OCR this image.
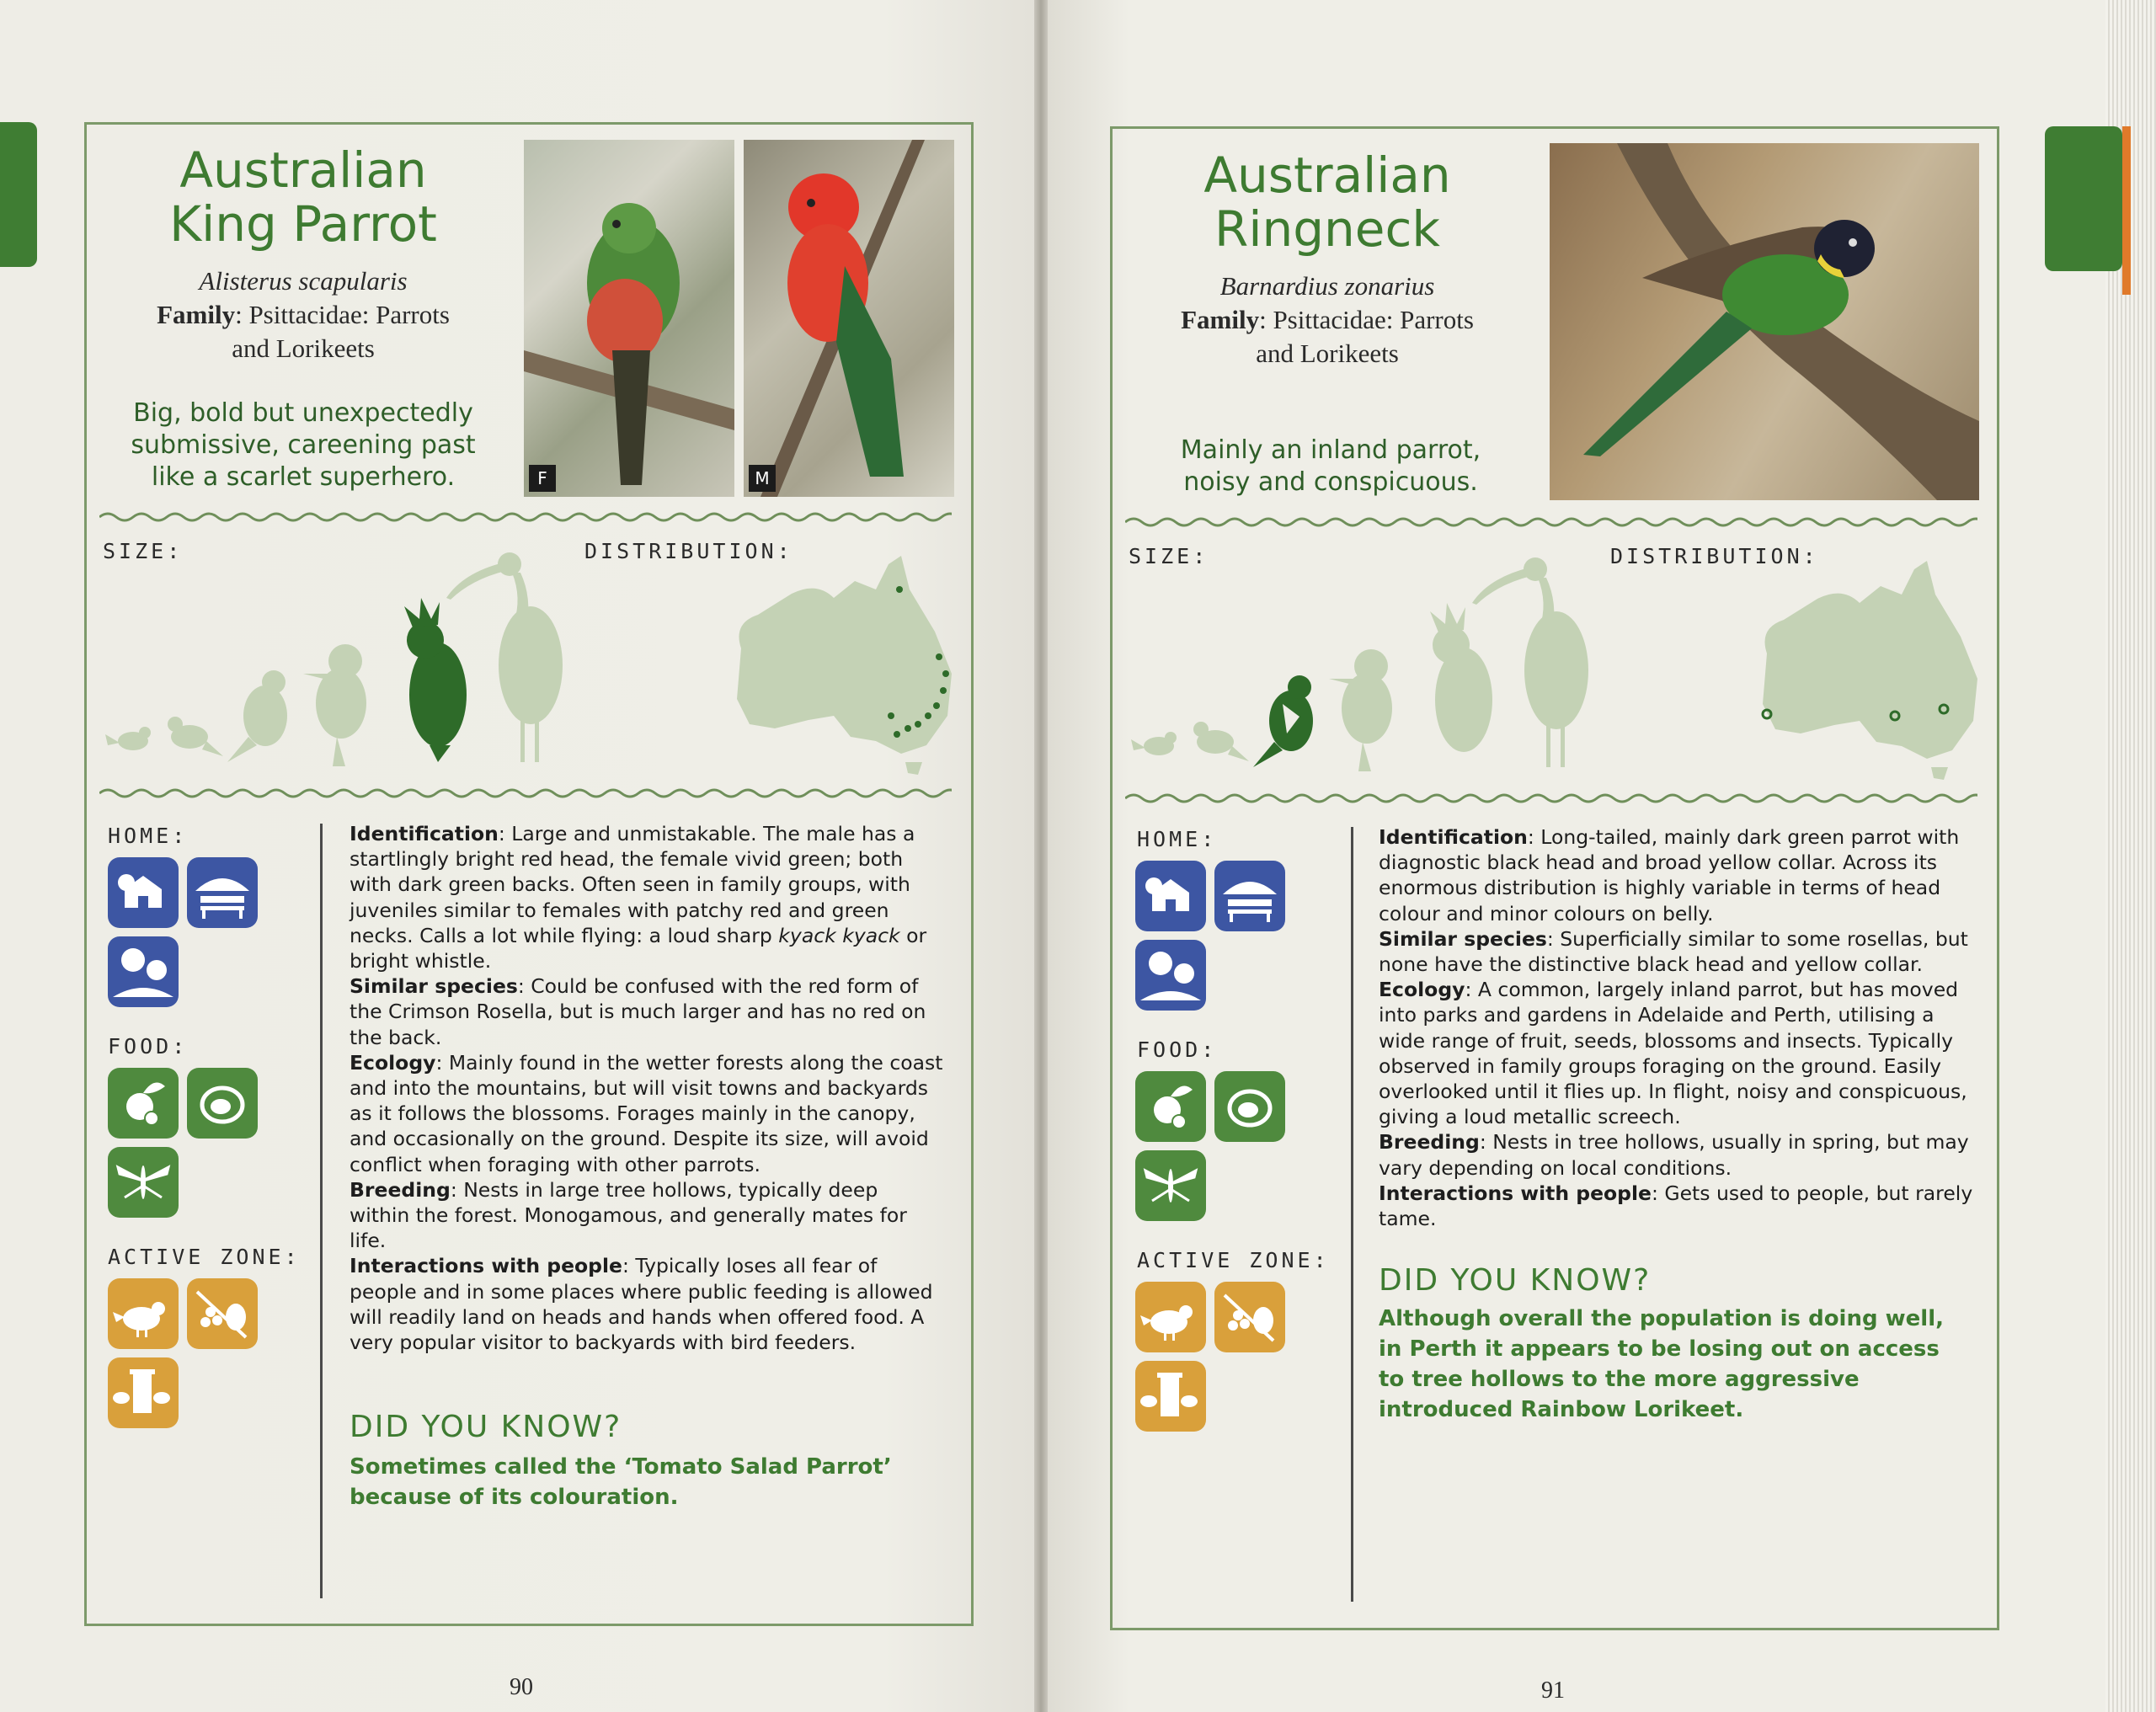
Australian
King Parrot
Alisterus scapularis
Family: Psittacidae: Parrots
and Lorikeets
Big, bold but unexpectedly submissive, careening past like a scarlet superhero.	F	M
SIZE:	DISTRIBUTION:
HOME:
FOOD:
ACTIVE ZONE:

Identification: Large and unmistakable. The male has a startlingly bright red head, the female vivid green; both with dark green backs. Often seen in family groups, with juveniles similar to females with patchy red and green necks. Calls a lot while flying: a loud sharp kyack kyack or bright whistle.

Similar species: Could be confused with the red form of the Crimson Rosella, but is much larger and has no red on the back.

Ecology: Mainly found in the wetter forests along the coast and into the mountains, but will visit towns and backyards as it follows the blossoms. Forages mainly in the canopy, and occasionally on the ground. Despite its size, will avoid conflict when foraging with other parrots.

Breeding: Nests in large tree hollows, typically deep within the forest. Monogamous, and generally mates for life.

Interactions with people: Typically loses all fear of people and in some places where public feeding is allowed will readily land on heads and hands when offered food. A very popular visitor to backyards with bird feeders.

DID YOU KNOW?
Sometimes called the ‘Tomato Salad Parrot’ because of its colouration.
90
Australian
Ringneck
Barnardius zonarius
Family: Psittacidae: Parrots
and Lorikeets
Mainly an inland parrot, noisy and conspicuous.
SIZE:	DISTRIBUTION:
HOME:
FOOD:
ACTIVE ZONE:

Identification: Long-tailed, mainly dark green parrot with diagnostic black head and broad yellow collar. Across its enormous distribution is highly variable in terms of head colour and minor colours on belly.

Similar species: Superficially similar to some rosellas, but none have the distinctive black head and yellow collar.

Ecology: A common, largely inland parrot, but has moved into parks and gardens in Adelaide and Perth, utilising a wide range of fruit, seeds, blossoms and insects. Typically observed in family groups foraging on the ground. Easily overlooked until it flies up. In flight, noisy and conspicuous, giving a loud metallic screech.

Breeding: Nests in tree hollows, usually in spring, but may vary depending on local conditions.

Interactions with people: Gets used to people, but rarely tame.

DID YOU KNOW?
Although overall the population is doing well, in Perth it appears to be losing out on access to tree hollows to the more aggressive introduced Rainbow Lorikeet.
91
